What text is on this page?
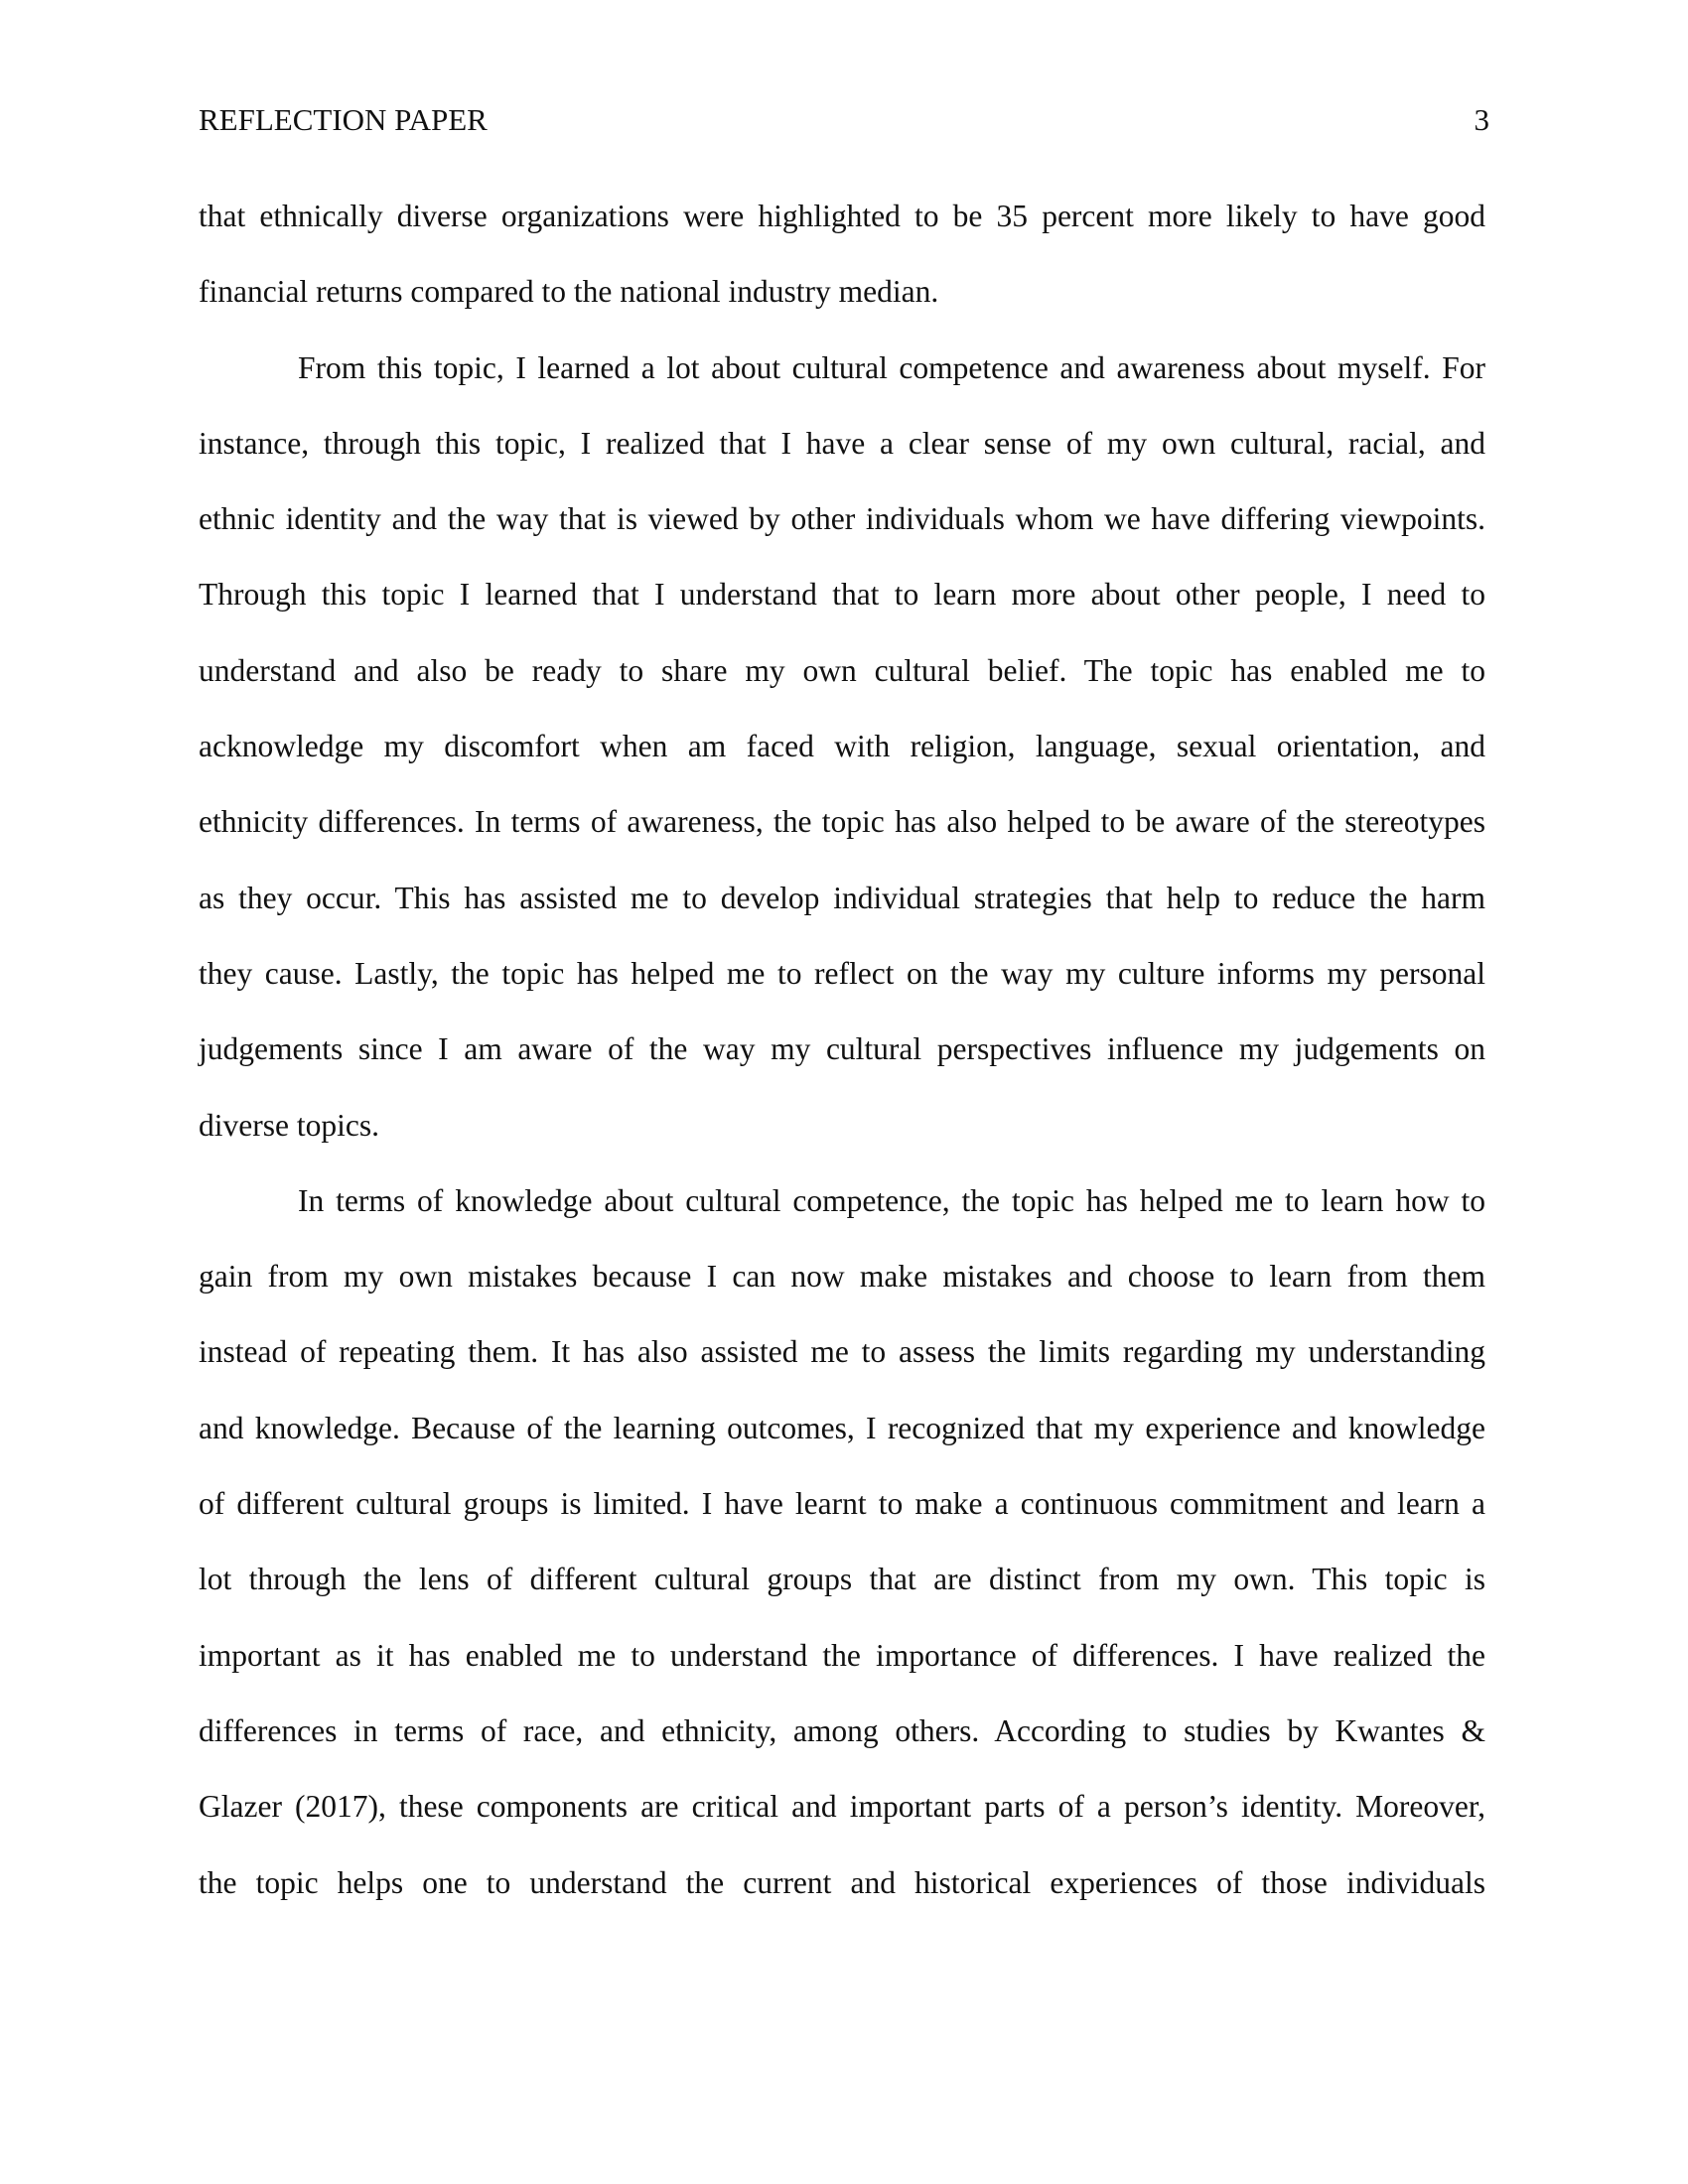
REFLECTION PAPER	3
that ethnically diverse organizations were highlighted to be 35 percent more likely to have good
financial returns compared to the national industry median.
From this topic, I learned a lot about cultural competence and awareness about myself. For
instance, through this topic, I realized that I have a clear sense of my own cultural, racial, and
ethnic identity and the way that is viewed by other individuals whom we have differing viewpoints.
Through this topic I learned that I understand that to learn more about other people, I need to
understand and also be ready to share my own cultural belief. The topic has enabled me to
acknowledge my discomfort when am faced with religion, language, sexual orientation, and
ethnicity differences. In terms of awareness, the topic has also helped to be aware of the stereotypes
as they occur. This has assisted me to develop individual strategies that help to reduce the harm
they cause. Lastly, the topic has helped me to reflect on the way my culture informs my personal
judgements since I am aware of the way my cultural perspectives influence my judgements on
diverse topics.
In terms of knowledge about cultural competence, the topic has helped me to learn how to
gain from my own mistakes because I can now make mistakes and choose to learn from them
instead of repeating them. It has also assisted me to assess the limits regarding my understanding
and knowledge. Because of the learning outcomes, I recognized that my experience and knowledge
of different cultural groups is limited. I have learnt to make a continuous commitment and learn a
lot through the lens of different cultural groups that are distinct from my own. This topic is
important as it has enabled me to understand the importance of differences. I have realized the
differences in terms of race, and ethnicity, among others. According to studies by Kwantes &
Glazer (2017), these components are critical and important parts of a person’s identity. Moreover,
the topic helps one to understand the current and historical experiences of those individuals
